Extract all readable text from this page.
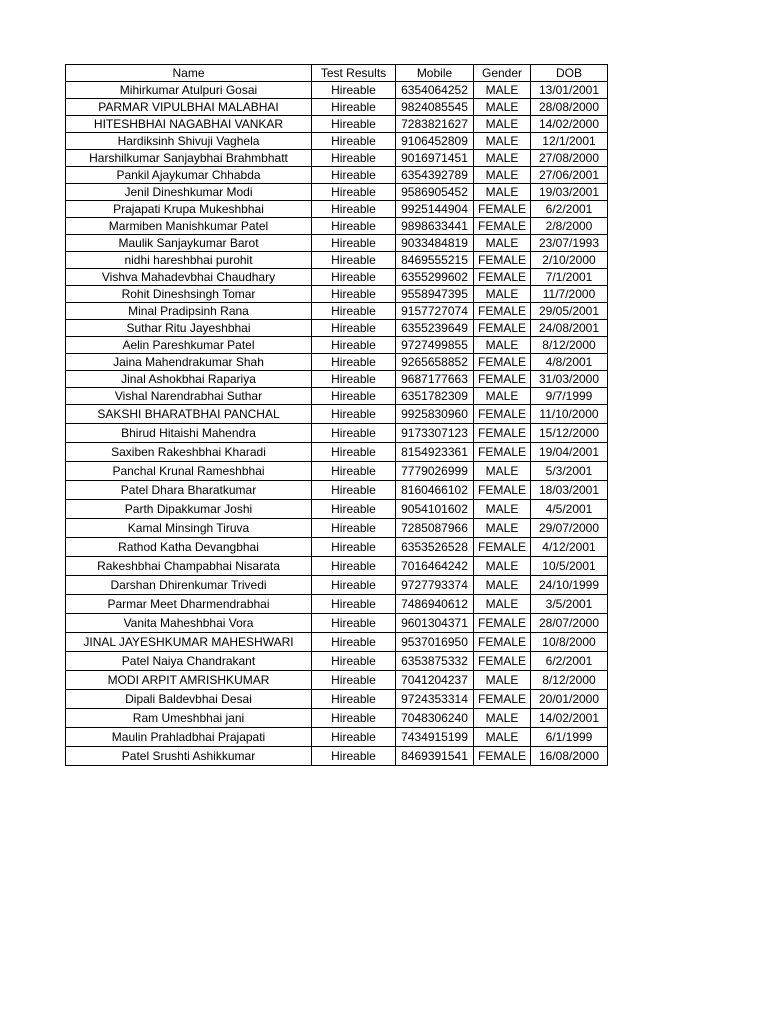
Name	Test Results	Mobile	Gender	DOB
Mihirkumar Atulpuri Gosai	Hireable	6354064252	MALE	13/01/2001
PARMAR VIPULBHAI MALABHAI	Hireable	9824085545	MALE	28/08/2000
HITESHBHAI NAGABHAI VANKAR	Hireable	7283821627	MALE	14/02/2000
Hardiksinh Shivuji Vaghela	Hireable	9106452809	MALE	12/1/2001
Harshilkumar Sanjaybhai Brahmbhatt	Hireable	9016971451	MALE	27/08/2000
Pankil Ajaykumar Chhabda	Hireable	6354392789	MALE	27/06/2001
Jenil Dineshkumar Modi	Hireable	9586905452	MALE	19/03/2001
Prajapati Krupa Mukeshbhai	Hireable	9925144904	FEMALE	6/2/2001
Marmiben Manishkumar Patel	Hireable	9898633441	FEMALE	2/8/2000
Maulik Sanjaykumar Barot	Hireable	9033484819	MALE	23/07/1993
nidhi hareshbhai purohit	Hireable	8469555215	FEMALE	2/10/2000
Vishva Mahadevbhai Chaudhary	Hireable	6355299602	FEMALE	7/1/2001
Rohit Dineshsingh Tomar	Hireable	9558947395	MALE	11/7/2000
Minal Pradipsinh Rana	Hireable	9157727074	FEMALE	29/05/2001
Suthar Ritu Jayeshbhai	Hireable	6355239649	FEMALE	24/08/2001
Aelin Pareshkumar Patel	Hireable	9727499855	MALE	8/12/2000
Jaina Mahendrakumar Shah	Hireable	9265658852	FEMALE	4/8/2001
Jinal Ashokbhai Rapariya	Hireable	9687177663	FEMALE	31/03/2000
Vishal Narendrabhai Suthar	Hireable	6351782309	MALE	9/7/1999
SAKSHI BHARATBHAI PANCHAL	Hireable	9925830960	FEMALE	11/10/2000
Bhirud Hitaishi Mahendra	Hireable	9173307123	FEMALE	15/12/2000
Saxiben Rakeshbhai Kharadi	Hireable	8154923361	FEMALE	19/04/2001
Panchal Krunal Rameshbhai	Hireable	7779026999	MALE	5/3/2001
Patel Dhara Bharatkumar	Hireable	8160466102	FEMALE	18/03/2001
Parth Dipakkumar Joshi	Hireable	9054101602	MALE	4/5/2001
Kamal Minsingh Tiruva	Hireable	7285087966	MALE	29/07/2000
Rathod Katha Devangbhai	Hireable	6353526528	FEMALE	4/12/2001
Rakeshbhai Champabhai Nisarata	Hireable	7016464242	MALE	10/5/2001
Darshan Dhirenkumar Trivedi	Hireable	9727793374	MALE	24/10/1999
Parmar Meet Dharmendrabhai	Hireable	7486940612	MALE	3/5/2001
Vanita Maheshbhai Vora	Hireable	9601304371	FEMALE	28/07/2000
JINAL JAYESHKUMAR MAHESHWARI	Hireable	9537016950	FEMALE	10/8/2000
Patel Naiya Chandrakant	Hireable	6353875332	FEMALE	6/2/2001
MODI ARPIT AMRISHKUMAR	Hireable	7041204237	MALE	8/12/2000
Dipali Baldevbhai Desai	Hireable	9724353314	FEMALE	20/01/2000
Ram Umeshbhai jani	Hireable	7048306240	MALE	14/02/2001
Maulin Prahladbhai Prajapati	Hireable	7434915199	MALE	6/1/1999
Patel Srushti Ashikkumar	Hireable	8469391541	FEMALE	16/08/2000
